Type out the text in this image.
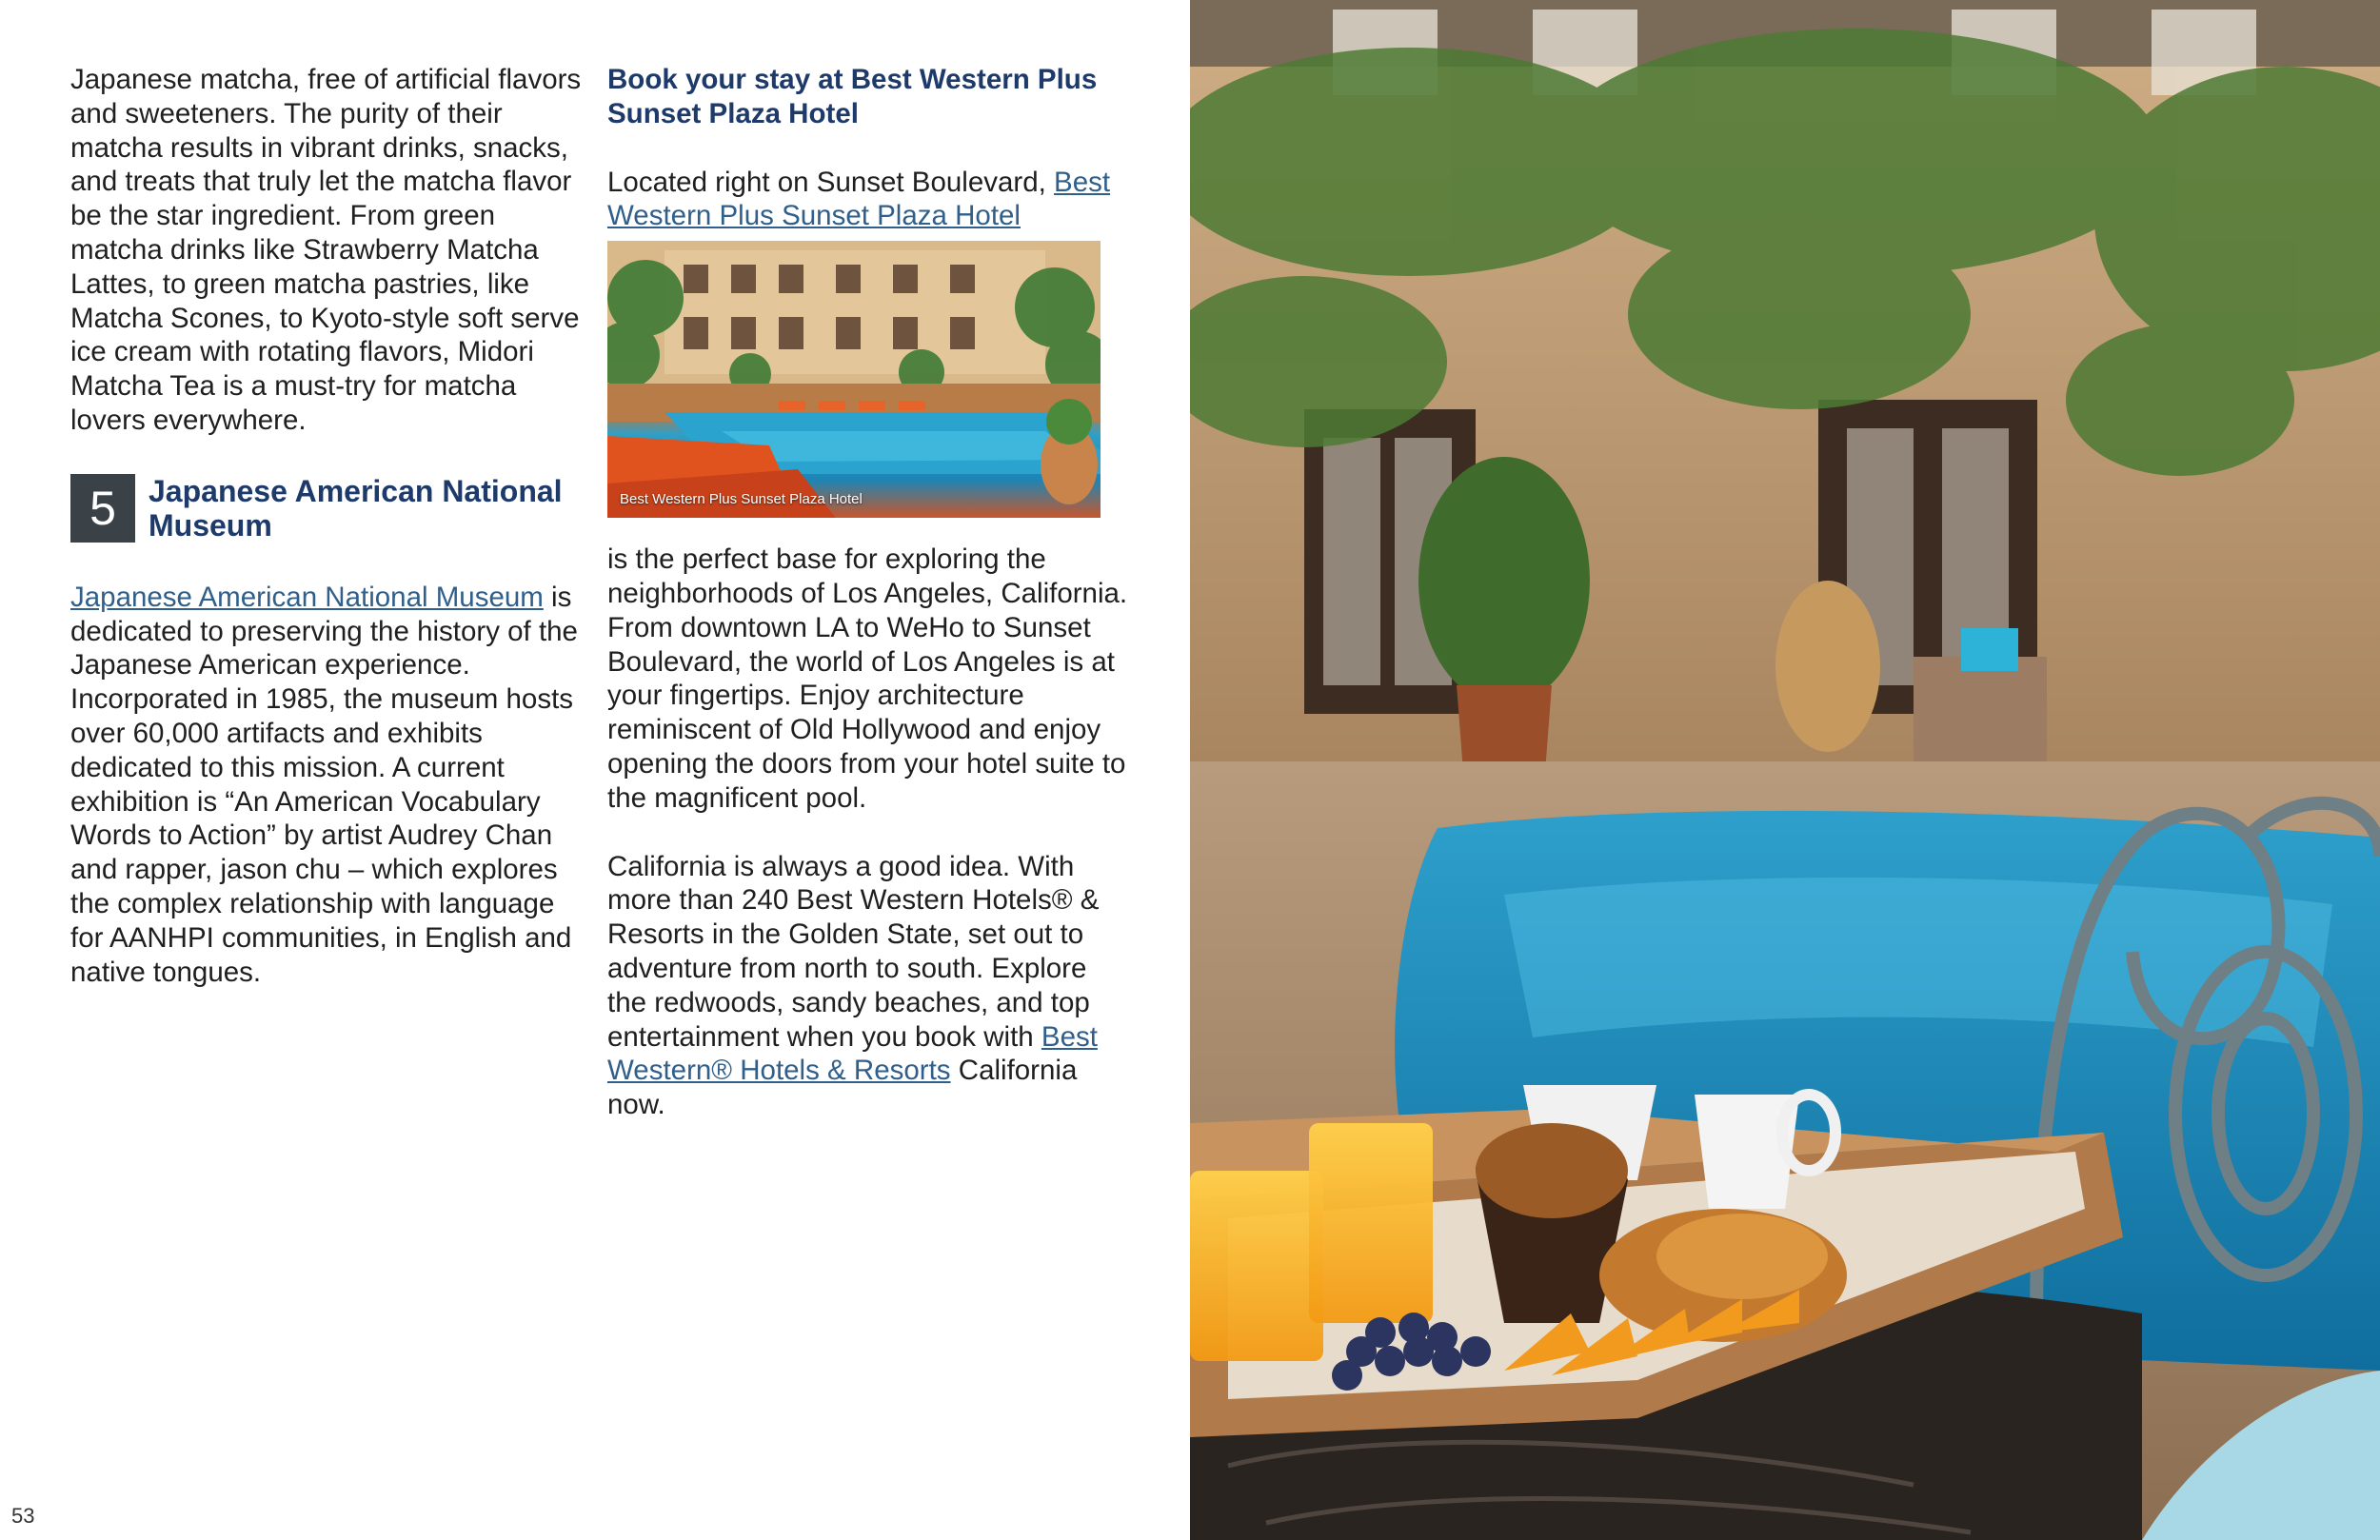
Japanese matcha, free of artificial flavors and sweeteners. The purity of their matcha results in vibrant drinks, snacks, and treats that truly let the matcha flavor be the star ingredient. From green matcha drinks like Strawberry Matcha Lattes, to green matcha pastries, like Matcha Scones, to Kyoto-style soft serve ice cream with rotating flavors, Midori Matcha Tea is a must-try for matcha lovers everywhere.

5	Japanese American National Museum

Japanese American National Museum is dedicated to preserving the history of the Japanese American experience. Incorporated in 1985, the museum hosts over 60,000 artifacts and exhibits dedicated to this mission. A current exhibition is “An American Vocabulary Words to Action” by artist Audrey Chan and rapper, jason chu – which explores the complex relationship with language for AANHPI communities, in English and native tongues.

Book your stay at Best Western Plus Sunset Plaza Hotel

Located right on Sunset Boulevard, Best Western Plus Sunset Plaza Hotel

Best Western Plus Sunset Plaza Hotel

is the perfect base for exploring the neighborhoods of Los Angeles, California. From downtown LA to WeHo to Sunset Boulevard, the world of Los Angeles is at your fingertips. Enjoy architecture reminiscent of Old Hollywood and enjoy opening the doors from your hotel suite to the magnificent pool.

California is always a good idea. With more than 240 Best Western Hotels® & Resorts in the Golden State, set out to adventure from north to south. Explore the redwoods, sandy beaches, and top entertainment when you book with Best Western® Hotels & Resorts California now.

53
